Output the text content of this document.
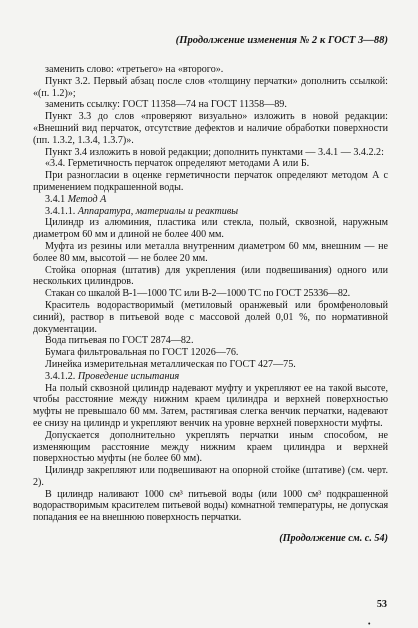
(Продолжение изменения № 2 к ГОСТ 3—88)

заменить слово: «третьего» на «второго».

Пункт 3.2. Первый абзац после слов «толщину перчатки» дополнить ссылкой: «(п. 1.2)»;

заменить ссылку: ГОСТ 11358—74 на ГОСТ 11358—89.

Пункт 3.3 до слов «проверяют визуально» изложить в новой редакции: «Внешний вид перчаток, отсутствие дефектов и наличие обработки поверхности (пп. 1.3.2, 1.3.4, 1.3.7)».

Пункт 3.4 изложить в новой редакции; дополнить пунктами — 3.4.1 — 3.4.2.2:

«3.4. Герметичность перчаток определяют методами А или Б.

При разногласии в оценке герметичности перчаток определяют методом А с применением подкрашенной воды.

3.4.1 Метод А

3.4.1.1. Аппаратура, материалы и реактивы

Цилиндр из алюминия, пластика или стекла, полый, сквозной, наружным диаметром 60 мм и длиной не более 400 мм.

Муфта из резины или металла внутренним диаметром 60 мм, внешним — не более 80 мм, высотой — не более 20 мм.

Стойка опорная (штатив) для укрепления (или подвешивания) одного или нескольких цилиндров.

Стакан со шкалой В-1—1000 ТС или В-2—1000 ТС по ГОСТ 25336—82.

Краситель водорастворимый (метиловый оранжевый или бромфеноловый синий), раствор в питьевой воде с массовой долей 0,01 %, по нормативной документации.

Вода питьевая по ГОСТ 2874—82.

Бумага фильтровальная по ГОСТ 12026—76.

Линейка измерительная металлическая по ГОСТ 427—75.

3.4.1.2. Проведение испытания

На полый сквозной цилиндр надевают муфту и укрепляют ее на такой высоте, чтобы расстояние между нижним краем цилиндра и верхней поверхностью муфты не превышало 60 мм. Затем, растягивая слегка венчик перчатки, надевают ее снизу на цилиндр и укрепляют венчик на уровне верхней поверхности муфты.

Допускается дополнительно укреплять перчатки иным способом, не изменяющим расстояние между нижним краем цилиндра и верхней поверхностью муфты (не более 60 мм).

Цилиндр закрепляют или подвешивают на опорной стойке (штативе) (см. черт. 2).

В цилиндр наливают 1000 см³ питьевой воды (или 1000 см³ подкрашенной водорастворимым красителем питьевой воды) комнатной температуры, не допуская попадания ее на внешнюю поверхность перчатки.

(Продолжение см. с. 54)
53
•
